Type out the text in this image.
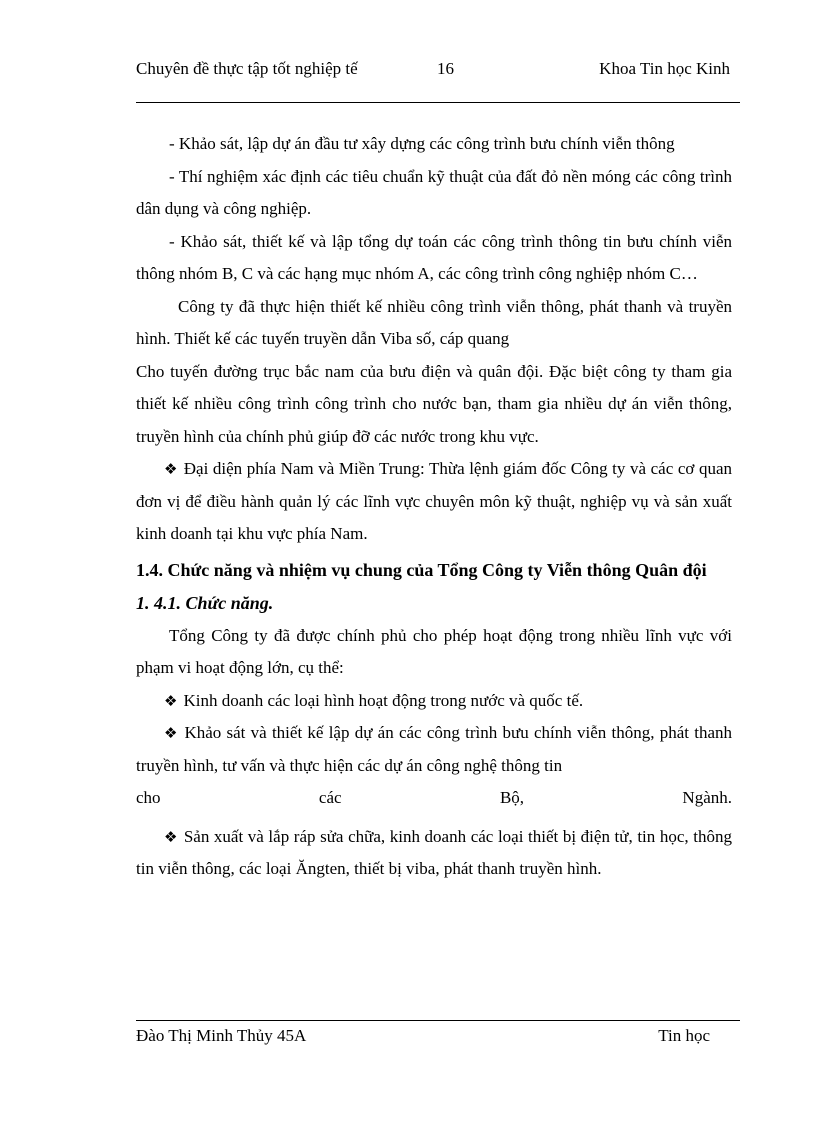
Chuyên đề thực tập tốt nghiệp tế	16	Khoa Tin học Kinh

- Khảo sát, lập dự án đầu tư xây dựng các công trình bưu chính viễn thông

- Thí nghiệm xác định các tiêu chuẩn kỹ thuật của đất đỏ nền móng các công trình dân dụng và công nghiệp.

- Khảo sát, thiết kế và lập tổng dự toán các công trình thông tin bưu chính viễn thông nhóm B, C và các hạng mục nhóm A, các công trình công nghiệp nhóm C…

Công ty đã thực hiện thiết kế nhiều công trình viễn thông, phát thanh và truyền hình. Thiết kế các tuyến truyền dẫn Viba số, cáp quang

Cho tuyến đường trục bắc nam của bưu điện và quân đội. Đặc biệt công ty tham gia thiết kế nhiều công trình công trình cho nước bạn, tham gia nhiều dự án viễn thông, truyền hình của chính phủ giúp đỡ các nước trong khu vực.

❖ Đại diện phía Nam và Miền Trung: Thừa lệnh giám đốc Công ty và các cơ quan đơn vị để điều hành quản lý các lĩnh vực chuyên môn kỹ thuật, nghiệp vụ và sản xuất kinh doanh tại khu vực phía Nam.

1.4. Chức năng và nhiệm vụ chung của Tổng Công ty Viễn thông Quân đội

1. 4.1. Chức năng.

Tổng Công ty đã được chính phủ cho phép hoạt động trong nhiều lĩnh vực với phạm vi hoạt động lớn, cụ thể:

❖ Kinh doanh các loại hình hoạt động trong nước và quốc tế.

❖ Khảo sát và thiết kế lập dự án các công trình bưu chính viễn thông, phát thanh truyền hình, tư vấn và thực hiện các dự án công nghệ thông tin

cho các Bộ, Ngành.

❖ Sản xuất và lắp ráp sửa chữa, kinh doanh các loại thiết bị điện tử, tin học, thông tin viễn thông, các loại Ăngten, thiết bị viba, phát thanh truyền hình.

Đào Thị Minh Thủy 45A	Tin học
